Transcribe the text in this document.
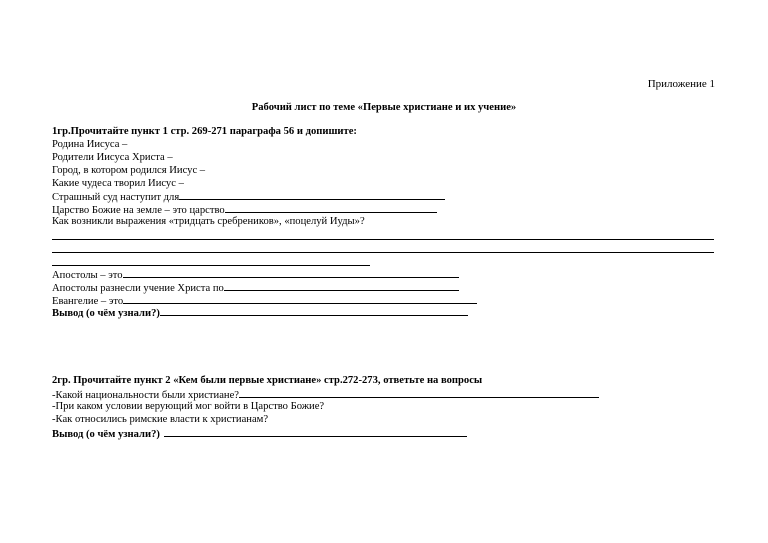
Приложение 1
Рабочий лист по теме «Первые христиане и их учение»
1гр.Прочитайте пункт 1 стр. 269-271 параграфа 56 и допишите:
Родина Иисуса –
Родители Иисуса Христа –
Город, в котором родился Иисус –
Какие чудеса творил Иисус –
Страшный суд наступит для
Царство Божие на земле – это царство
Как возникли выражения «тридцать сребреников», «поцелуй Иуды»?
Апостолы – это
Апостолы разнесли учение Христа по
Евангелие – это
Вывод (о чём узнали?)
2гр. Прочитайте пункт 2 «Кем были первые христиане» стр.272-273, ответьте на вопросы
-Какой национальности были христиане?
-При каком условии верующий мог войти в Царство Божие?
-Как относились римские власти к христианам?
Вывод (о чём узнали?)
